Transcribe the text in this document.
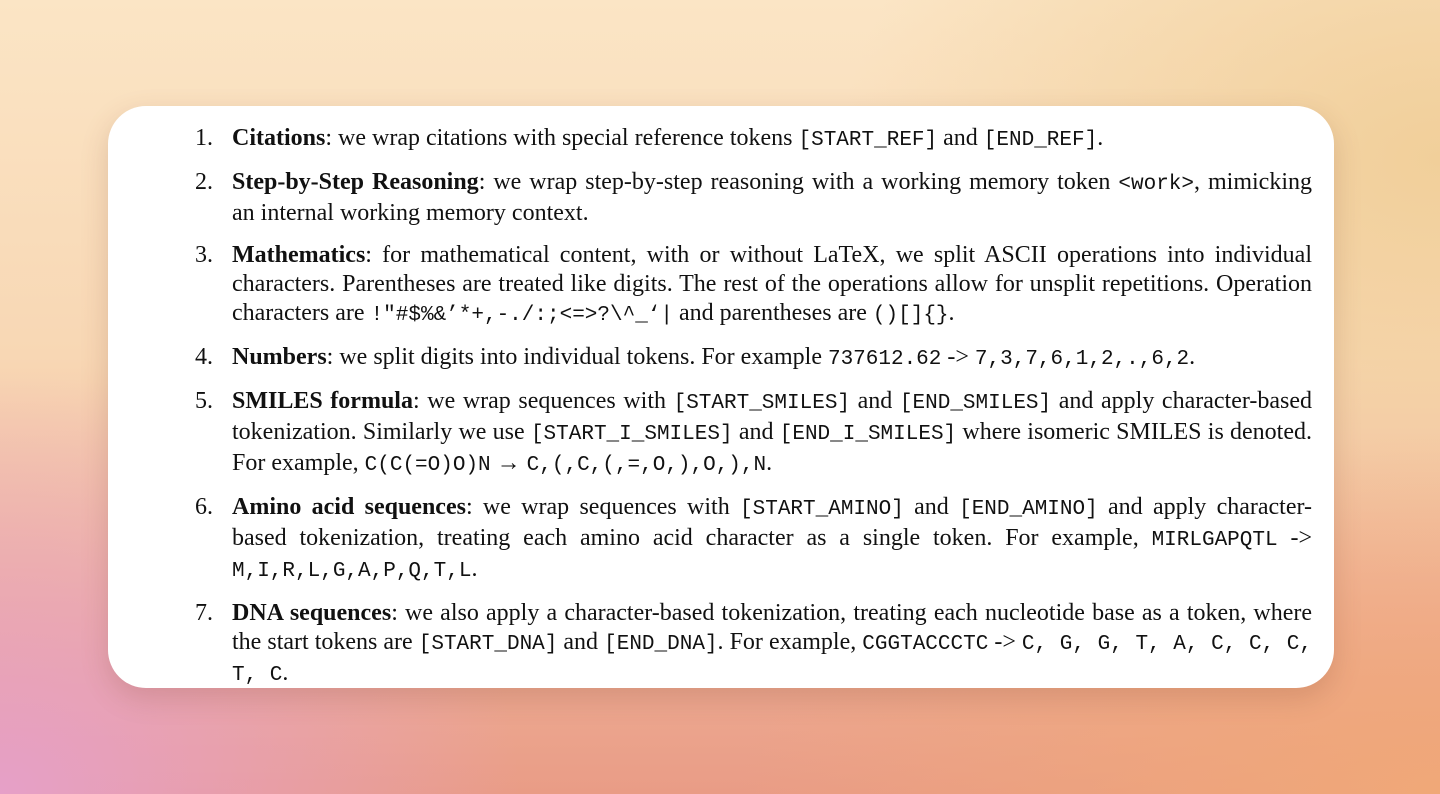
1. Citations: we wrap citations with special reference tokens [START_REF] and [END_REF].
2. Step-by-Step Reasoning: we wrap step-by-step reasoning with a working memory token <work>, mimicking an internal working memory context.
3. Mathematics: for mathematical content, with or without LaTeX, we split ASCII operations into individual characters. Parentheses are treated like digits. The rest of the operations allow for unsplit repetitions. Operation characters are !"#$%&’*+,-./:;<=>?\^_‘| and parentheses are ()[]{}.
4. Numbers: we split digits into individual tokens. For example 737612.62 -> 7,3,7,6,1,2,.,6,2.
5. SMILES formula: we wrap sequences with [START_SMILES] and [END_SMILES] and apply character-based tokenization. Similarly we use [START_I_SMILES] and [END_I_SMILES] where isomeric SMILES is denoted. For example, C(C(=O)O)N → C,(,C,(,=,O,),O,),N.
6. Amino acid sequences: we wrap sequences with [START_AMINO] and [END_AMINO] and apply character-based tokenization, treating each amino acid character as a single token. For example, MIRLGAPQTL -> M,I,R,L,G,A,P,Q,T,L.
7. DNA sequences: we also apply a character-based tokenization, treating each nucleotide base as a token, where the start tokens are [START_DNA] and [END_DNA]. For example, CGGTACCCTC -> C, G, G, T, A, C, C, C, T, C.
